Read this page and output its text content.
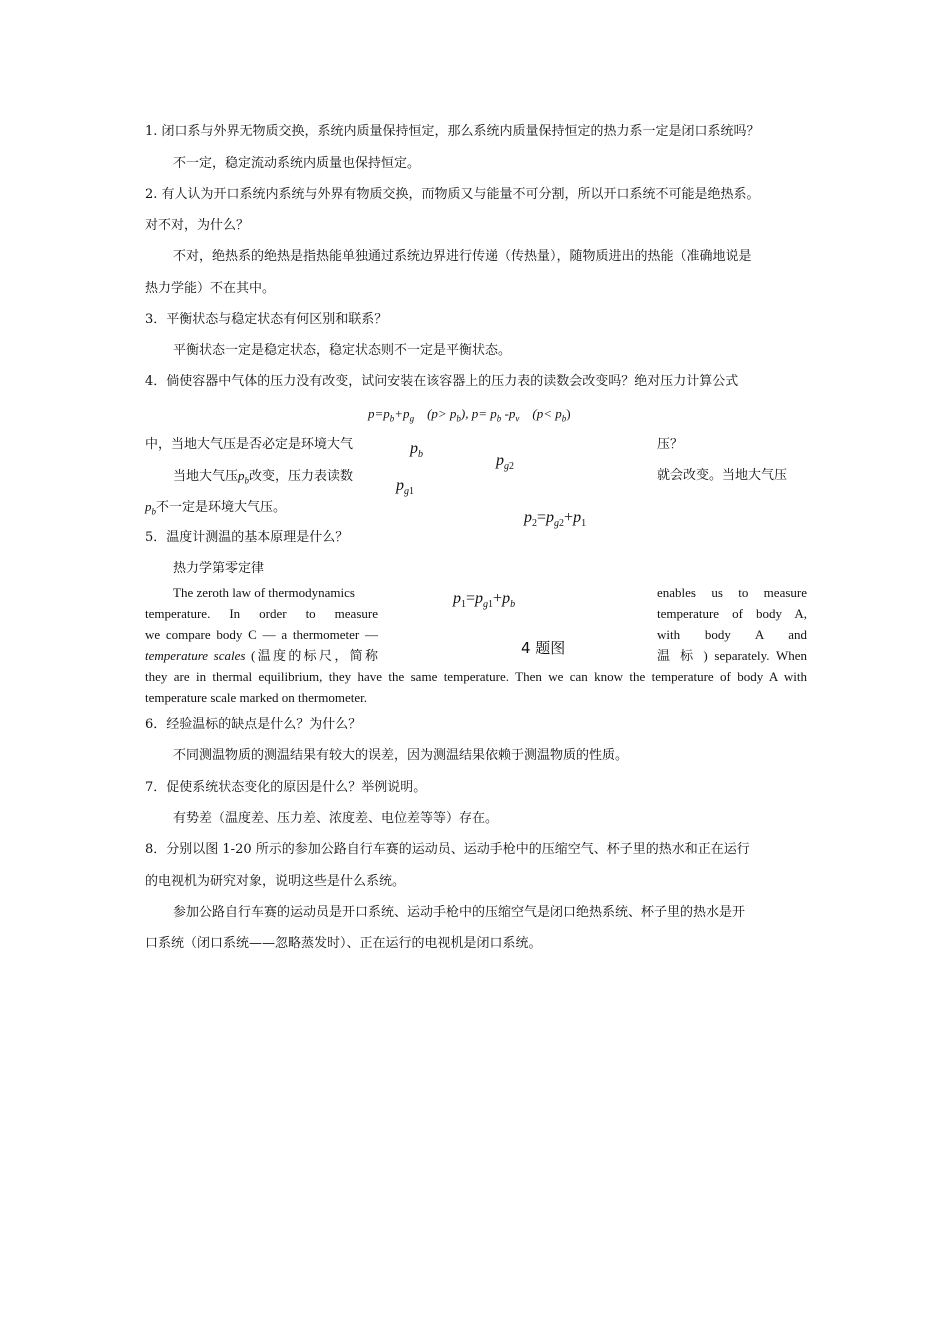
1. 闭口系与外界无物质交换，系统内质量保持恒定，那么系统内质量保持恒定的热力系一定是闭口系统吗？
不一定，稳定流动系统内质量也保持恒定。
2. 有人认为开口系统内系统与外界有物质交换，而物质又与能量不可分割，所以开口系统不可能是绝热系。
对不对，为什么？
不对，绝热系的绝热是指热能单独通过系统边界进行传递（传热量），随物质进出的热能（准确地说是
热力学能）不在其中。
3．平衡状态与稳定状态有何区别和联系？
平衡状态一定是稳定状态，稳定状态则不一定是平衡状态。
4．倘使容器中气体的压力没有改变，试问安装在该容器上的压力表的读数会改变吗？绝对压力计算公式
$p=p_b+p_g$ $(p> p_b)$, $p= p_b$ $-p_v$ $(p< p_b)$
中，当地大气压是否必定是环境大气	压？
当地大气压$p_b$改变，压力表读数	就会改变。当地大气压
$p_b$不一定是环境大气压。
$p_b$	$p_{g2}$
$p_{g1}$
$p_2=p_{g2}+p_1$
$p_1=p_{g1}+p_b$
4 题图
5．温度计测温的基本原理是什么？
热力学第零定律
The zeroth law of thermodynamics
temperature. In order to measure
we compare body C — a thermometer —
temperature scales (温度的标尺，简称
enables us to measure
temperature of body A,
with body A and
温 标 ) separately. When
they are in thermal equilibrium, they have the same temperature. Then we can know the temperature of body A with
temperature scale marked on thermometer.
6．经验温标的缺点是什么？为什么？
不同测温物质的测温结果有较大的误差，因为测温结果依赖于测温物质的性质。
7．促使系统状态变化的原因是什么？举例说明。
有势差（温度差、压力差、浓度差、电位差等等）存在。
8．分别以图 1-20 所示的参加公路自行车赛的运动员、运动手枪中的压缩空气、杯子里的热水和正在运行
的电视机为研究对象，说明这些是什么系统。
参加公路自行车赛的运动员是开口系统、运动手枪中的压缩空气是闭口绝热系统、杯子里的热水是开
口系统（闭口系统——忽略蒸发时）、正在运行的电视机是闭口系统。
